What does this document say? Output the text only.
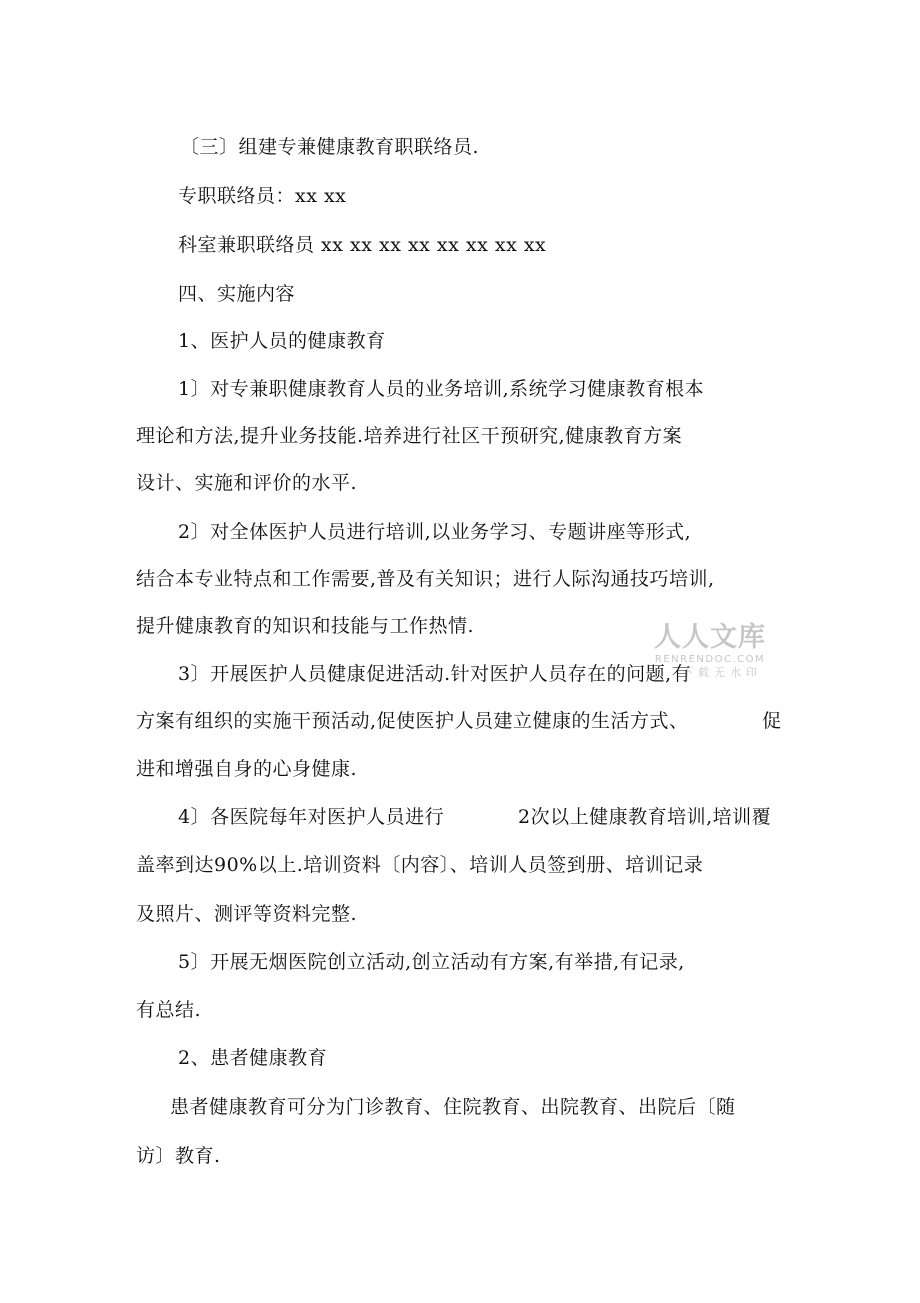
〔三〕组建专兼健康教育职联络员.
专职联络员：xx xx
科室兼职联络员 xx xx xx xx xx xx xx xx
四、实施内容
1、医护人员的健康教育
1〕对专兼职健康教育人员的业务培训,系统学习健康教育根本
理论和方法,提升业务技能.培养进行社区干预研究,健康教育方案
设计、实施和评价的水平.
2〕对全体医护人员进行培训,以业务学习、专题讲座等形式,
结合本专业特点和工作需要,普及有关知识；进行人际沟通技巧培训,
提升健康教育的知识和技能与工作热情.
3〕开展医护人员健康促进活动.针对医护人员存在的问题,有
方案有组织的实施干预活动,促使医护人员建立健康的生活方式、	促
进和增强自身的心身健康.
4〕各医院每年对医护人员进行	2次以上健康教育培训,培训覆
盖率到达90%以上.培训资料〔内容〕、培训人员签到册、培训记录
及照片、测评等资料完整.
5〕开展无烟医院创立活动,创立活动有方案,有举措,有记录,
有总结.
2、患者健康教育
患者健康教育可分为门诊教育、住院教育、出院教育、出院后〔随
访〕教育.
人人文库
RENRENDOC.COM
下载无水印
